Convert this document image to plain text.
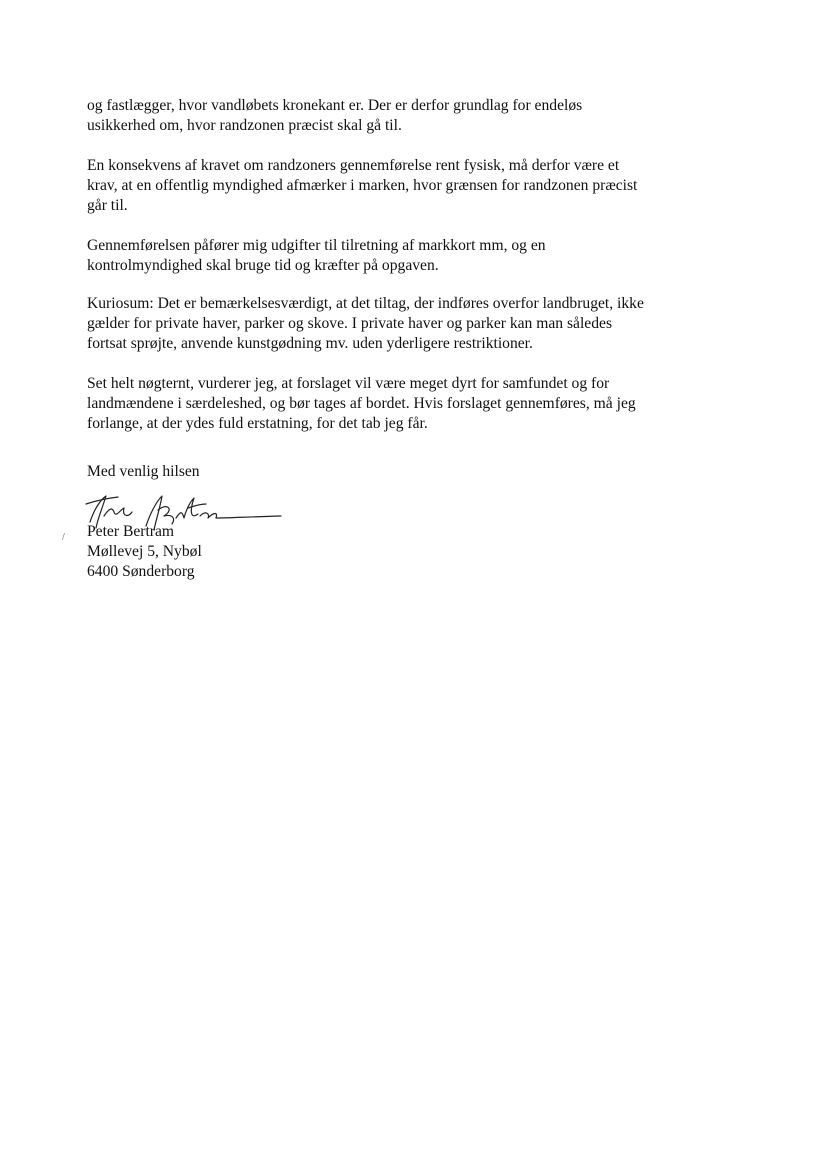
og fastlægger, hvor vandløbets kronekant er. Der er derfor grundlag for endeløs
usikkerhed om, hvor randzonen præcist skal gå til.

En konsekvens af kravet om randzoners gennemførelse rent fysisk, må derfor være et
krav, at en offentlig myndighed afmærker i marken, hvor grænsen for randzonen præcist
går til.

Gennemførelsen påfører mig udgifter til tilretning af markkort mm, og en
kontrolmyndighed skal bruge tid og kræfter på opgaven.

Kuriosum: Det er bemærkelsesværdigt, at det tiltag, der indføres overfor landbruget, ikke
gælder for private haver, parker og skove. I private haver og parker kan man således
fortsat sprøjte, anvende kunstgødning mv. uden yderligere restriktioner.

Set helt nøgternt, vurderer jeg, at forslaget vil være meget dyrt for samfundet og for
landmændene i særdeleshed, og bør tages af bordet. Hvis forslaget gennemføres, må jeg
forlange, at der ydes fuld erstatning, for det tab jeg får.

Med venlig hilsen

Peter Bertram
Møllevej 5, Nybøl
6400 Sønderborg
/
